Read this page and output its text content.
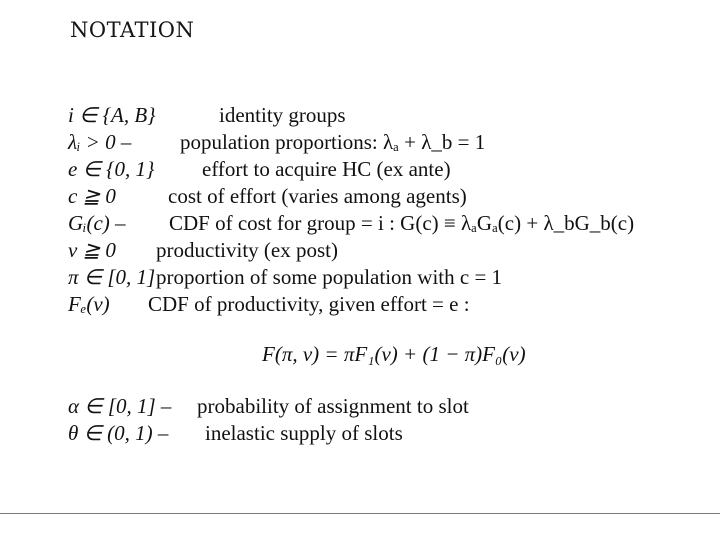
NOTATION
i ∈ {A, B}	identity groups
λᵢ > 0 – population proportions: λₐ + λ_b = 1
e ∈ {0, 1} effort to acquire HC (ex ante)
c ≧ 0 cost of effort (varies among agents)
Gᵢ(c) – CDF of cost for group = i : G(c) ≡ λₐGₐ(c) + λ_bG_b(c)
v ≧ 0 productivity (ex post)
π ∈ [0, 1] proportion of some population with c = 1
Fₑ(v) CDF of productivity, given effort = e :
F(π, v) = πF₁(v) + (1 − π)F₀(v)
α ∈ [0, 1] – probability of assignment to slot
θ ∈ (0, 1) – inelastic supply of slots
